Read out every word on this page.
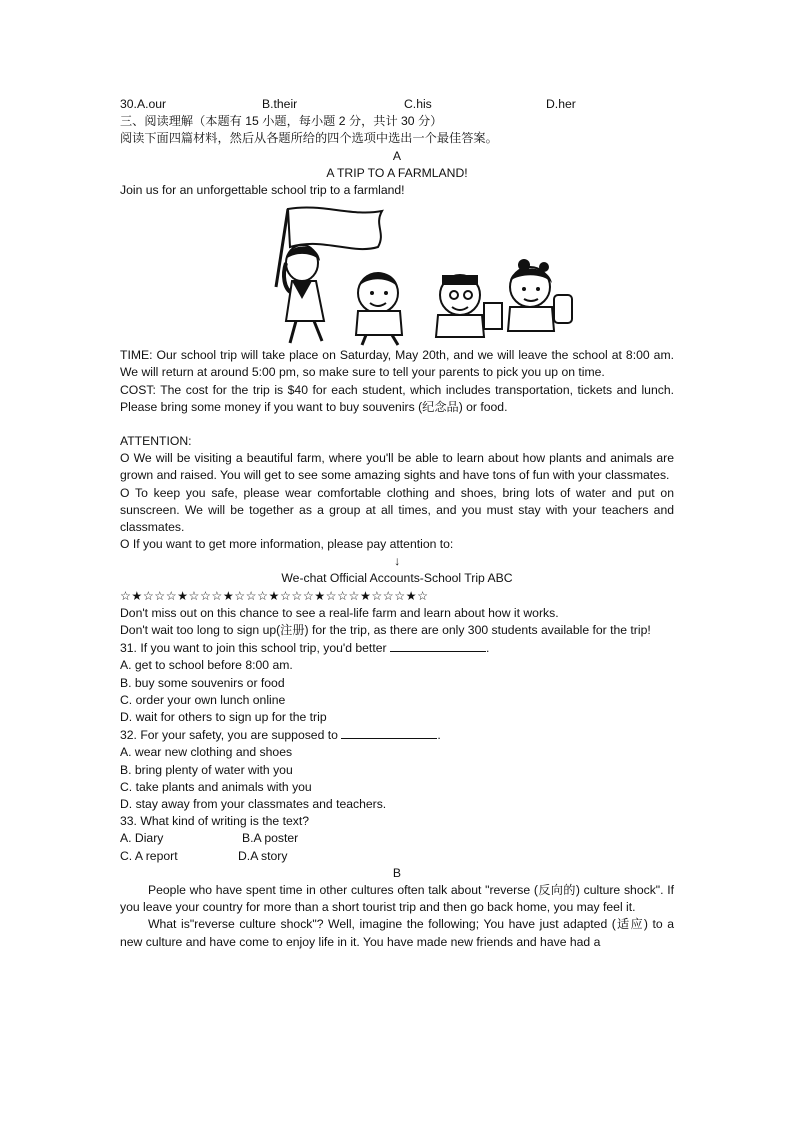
30.A.our	B.their	C.his	D.her
三、阅读理解（本题有 15 小题，每小题 2 分，共计 30 分）
阅读下面四篇材料，然后从各题所给的四个选项中选出一个最佳答案。
A
A TRIP TO A FARMLAND!
Join us for an unforgettable school trip to a farmland!
TIME: Our school trip will take place on Saturday, May 20th, and we will leave the school at 8:00 am. We will return at around 5:00 pm, so make sure to tell your parents to pick you up on time.
COST: The cost for the trip is $40 for each student, which includes transportation, tickets and lunch. Please bring some money if you want to buy souvenirs (纪念品) or food.
ATTENTION:
O We will be visiting a beautiful farm, where you'll be able to learn about how plants and animals are grown and raised. You will get to see some amazing sights and have tons of fun with your classmates.
O To keep you safe, please wear comfortable clothing and shoes, bring lots of water and put on sunscreen. We will be together as a group at all times, and you must stay with your teachers and classmates.
O If you want to get more information, please pay attention to:
↓
We-chat Official Accounts-School Trip ABC
☆★☆☆☆★☆☆☆★☆☆☆★☆☆☆★☆☆☆★☆☆☆★☆
Don't miss out on this chance to see a real-life farm and learn about how it works.
Don't wait too long to sign up(注册) for the trip, as there are only 300 students available for the trip!
31. If you want to join this school trip, you'd better	.
A. get to school before 8:00 am.
B. buy some souvenirs or food
C. order your own lunch online
D. wait for others to sign up for the trip
32. For your safety, you are supposed to	.
A. wear new clothing and shoes
B. bring plenty of water with you
C. take plants and animals with you
D. stay away from your classmates and teachers.
33. What kind of writing is the text?
A. Diary	B.A poster
C. A report	D.A story
B
People who have spent time in other cultures often talk about "reverse (反向的) culture shock". If you leave your country for more than a short tourist trip and then go back home, you may feel it.
What is"reverse culture shock"? Well, imagine the following; You have just adapted (适应) to a new culture and have come to enjoy life in it. You have made new friends and have had a
